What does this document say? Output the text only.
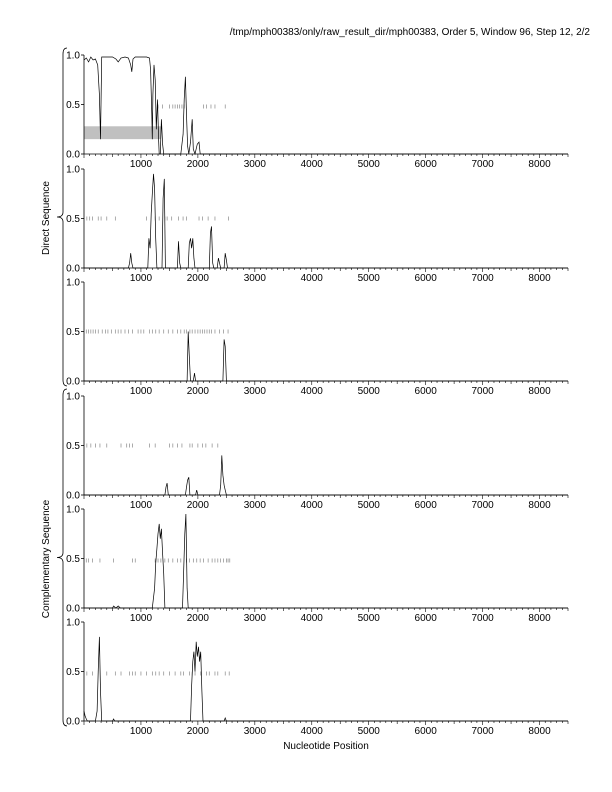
/tmp/mph00383/only/raw_result_dir/mph00383, Order 5, Window 96, Step 12, 2/2
0.0
0.5
1.0
1000	2000	3000	4000	5000	6000	7000	8000
0.0
0.5
1.0
1000	2000	3000	4000	5000	6000	7000	8000
0.0
0.5
1.0
1000	2000	3000	4000	5000	6000	7000	8000
0.0
0.5
1.0
1000	2000	3000	4000	5000	6000	7000	8000
0.0
0.5
1.0
1000	2000	3000	4000	5000	6000	7000	8000
0.0
0.5
1.0
1000	2000	3000	4000	5000	6000	7000	8000
Nucleotide Position
Direct Sequence
Complementary Sequence
